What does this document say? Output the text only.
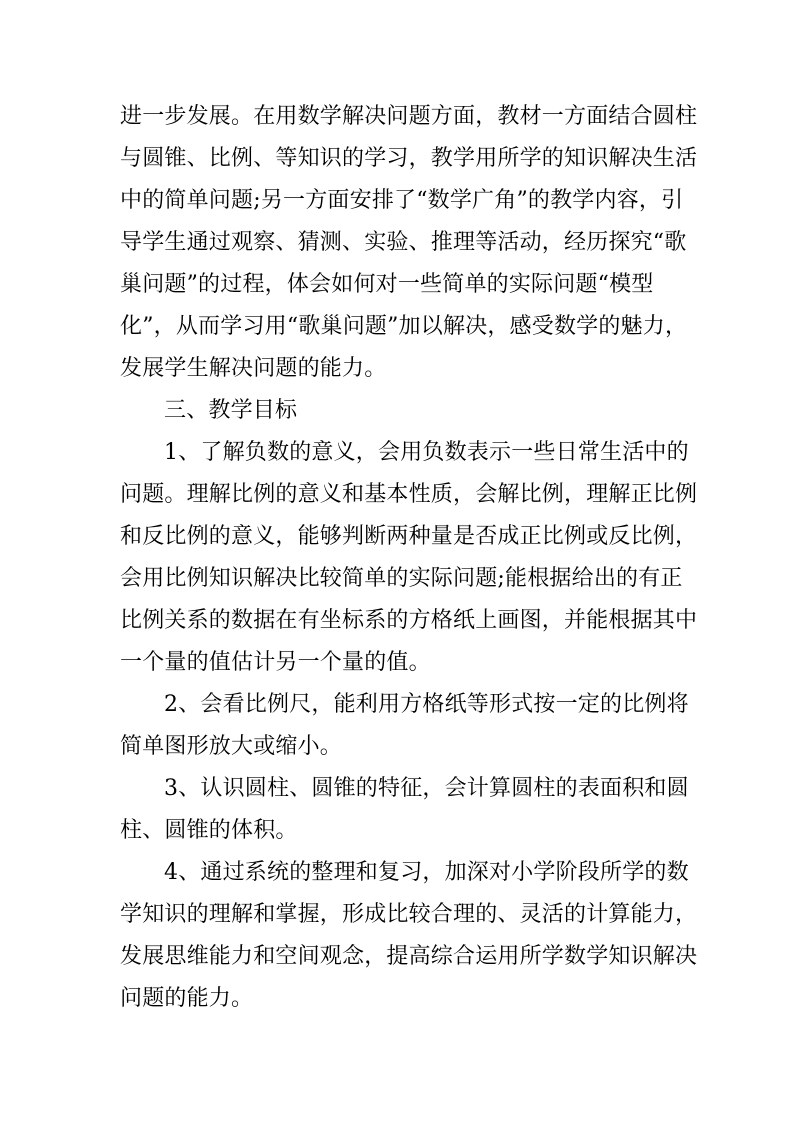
进一步发展。在用数学解决问题方面，教材一方面结合圆柱
与圆锥、比例、等知识的学习，教学用所学的知识解决生活
中的简单问题;另一方面安排了“数学广角”的教学内容，引
导学生通过观察、猜测、实验、推理等活动，经历探究“歌
巢问题”的过程，体会如何对一些简单的实际问题“模型
化”，从而学习用“歌巢问题”加以解决，感受数学的魅力，
发展学生解决问题的能力。
三、教学目标
1、了解负数的意义，会用负数表示一些日常生活中的
问题。理解比例的意义和基本性质，会解比例，理解正比例
和反比例的意义，能够判断两种量是否成正比例或反比例，
会用比例知识解决比较简单的实际问题;能根据给出的有正
比例关系的数据在有坐标系的方格纸上画图，并能根据其中
一个量的值估计另一个量的值。
2、会看比例尺，能利用方格纸等形式按一定的比例将
简单图形放大或缩小。
3、认识圆柱、圆锥的特征，会计算圆柱的表面积和圆
柱、圆锥的体积。
4、通过系统的整理和复习，加深对小学阶段所学的数
学知识的理解和掌握，形成比较合理的、灵活的计算能力，
发展思维能力和空间观念，提高综合运用所学数学知识解决
问题的能力。
